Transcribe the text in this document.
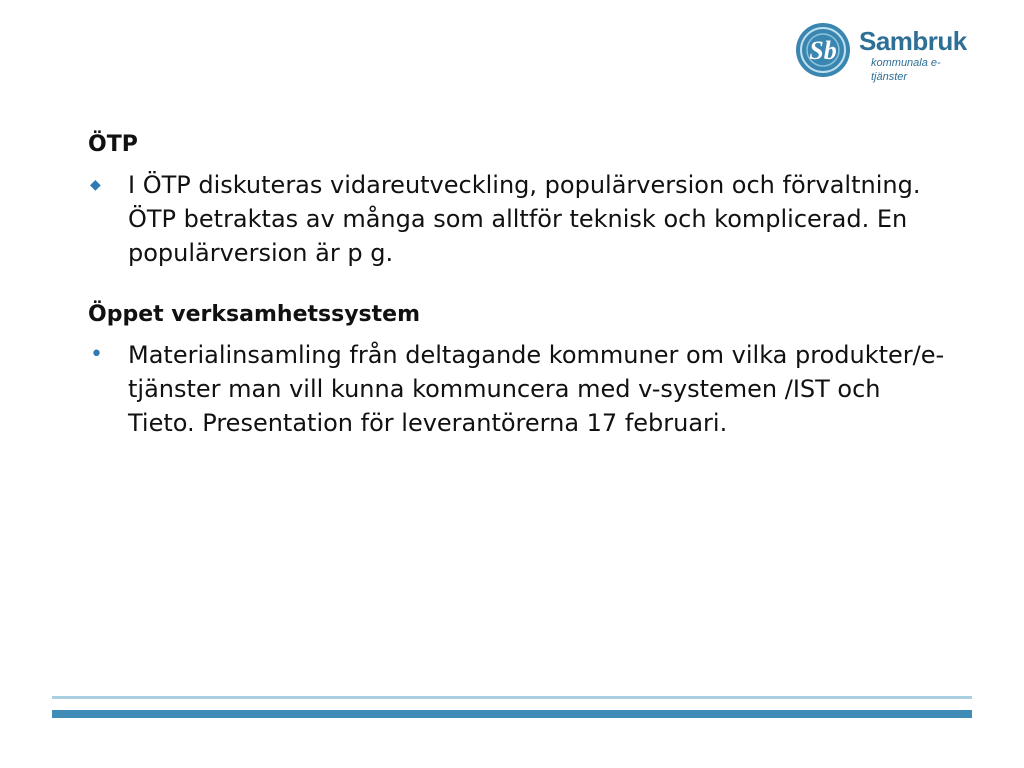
Sb Sambruk
kommunala e-tjänster

ÖTP

◆	I ÖTP diskuteras vidareutveckling, populärversion och förvaltning. ÖTP betraktas av många som alltför teknisk och komplicerad. En populärversion är p g.

Öppet verksamhetssystem

•	Materialinsamling från deltagande kommuner om vilka produkter/e-tjänster man vill kunna kommuncera med v-systemen /IST och Tieto. Presentation för leverantörerna 17 februari.
